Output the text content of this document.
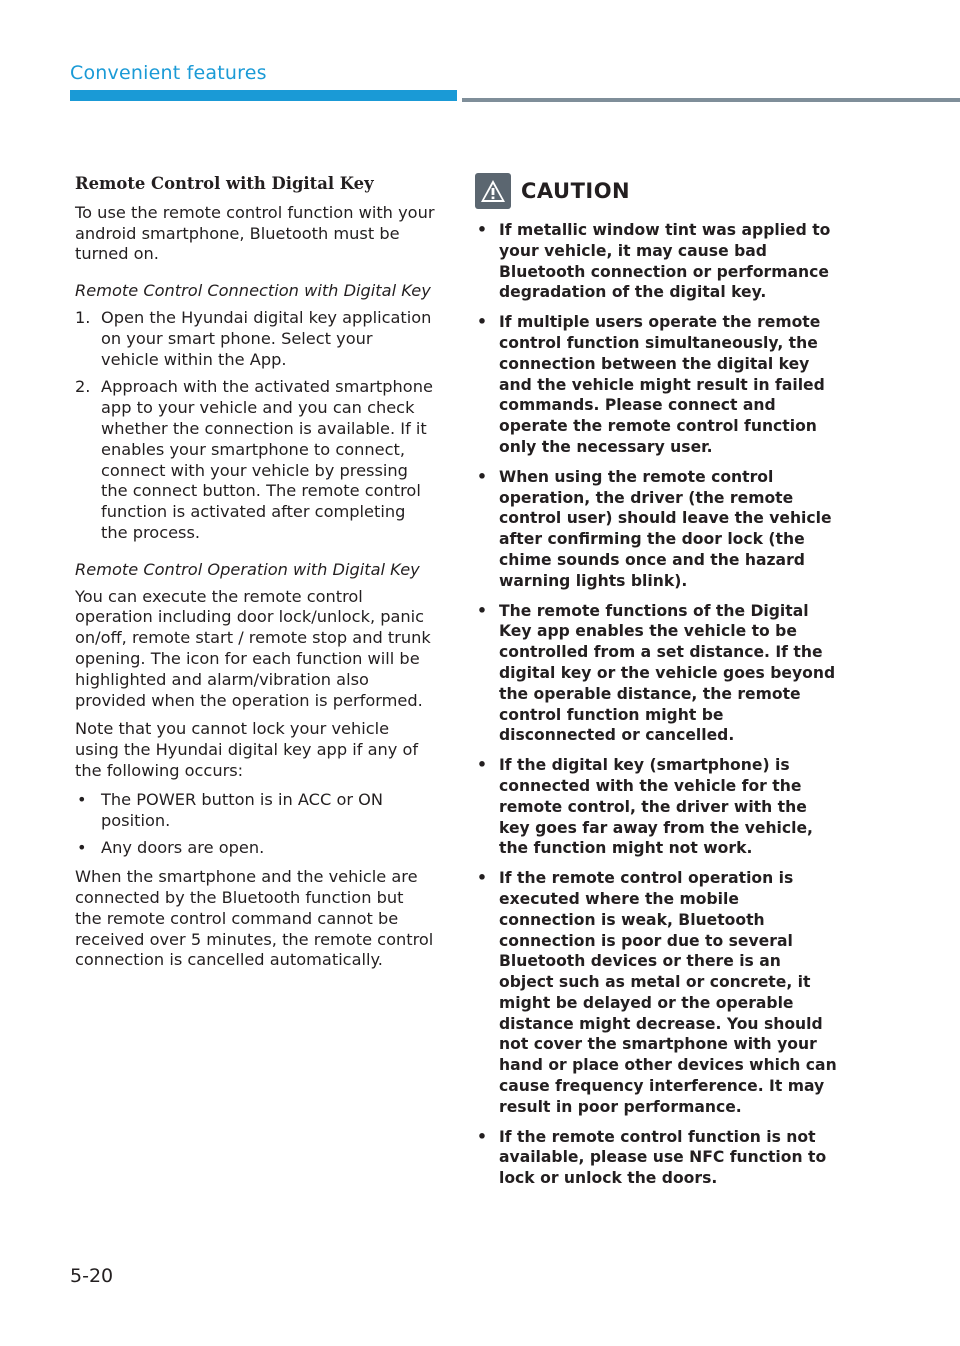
Convenient features
Remote Control with Digital Key

To use the remote control function with your android smartphone, Bluetooth must be turned on.

Remote Control Connection with Digital Key

1. Open the Hyundai digital key application on your smart phone. Select your vehicle within the App.
2. Approach with the activated smartphone app to your vehicle and you can check whether the connection is available. If it enables your smartphone to connect, connect with your vehicle by pressing the connect button. The remote control function is activated after completing the process.

Remote Control Operation with Digital Key

You can execute the remote control operation including door lock/unlock, panic on/off, remote start / remote stop and trunk opening. The icon for each function will be highlighted and alarm/vibration also provided when the operation is performed.

Note that you cannot lock your vehicle using the Hyundai digital key app if any of the following occurs:

• The POWER button is in ACC or ON position.
• Any doors are open.

When the smartphone and the vehicle are connected by the Bluetooth function but the remote control command cannot be received over 5 minutes, the remote control connection is cancelled automatically.

CAUTION
• If metallic window tint was applied to your vehicle, it may cause bad Bluetooth connection or performance degradation of the digital key.
• If multiple users operate the remote control function simultaneously, the connection between the digital key and the vehicle might result in failed commands. Please connect and operate the remote control function only the necessary user.
• When using the remote control operation, the driver (the remote control user) should leave the vehicle after confirming the door lock (the chime sounds once and the hazard warning lights blink).
• The remote functions of the Digital Key app enables the vehicle to be controlled from a set distance. If the digital key or the vehicle goes beyond the operable distance, the remote control function might be disconnected or cancelled.
• If the digital key (smartphone) is connected with the vehicle for the remote control, the driver with the key goes far away from the vehicle, the function might not work.
• If the remote control operation is executed where the mobile connection is weak, Bluetooth connection is poor due to several Bluetooth devices or there is an object such as metal or concrete, it might be delayed or the operable distance might decrease. You should not cover the smartphone with your hand or place other devices which can cause frequency interference. It may result in poor performance.
• If the remote control function is not available, please use NFC function to lock or unlock the doors.
5-20
